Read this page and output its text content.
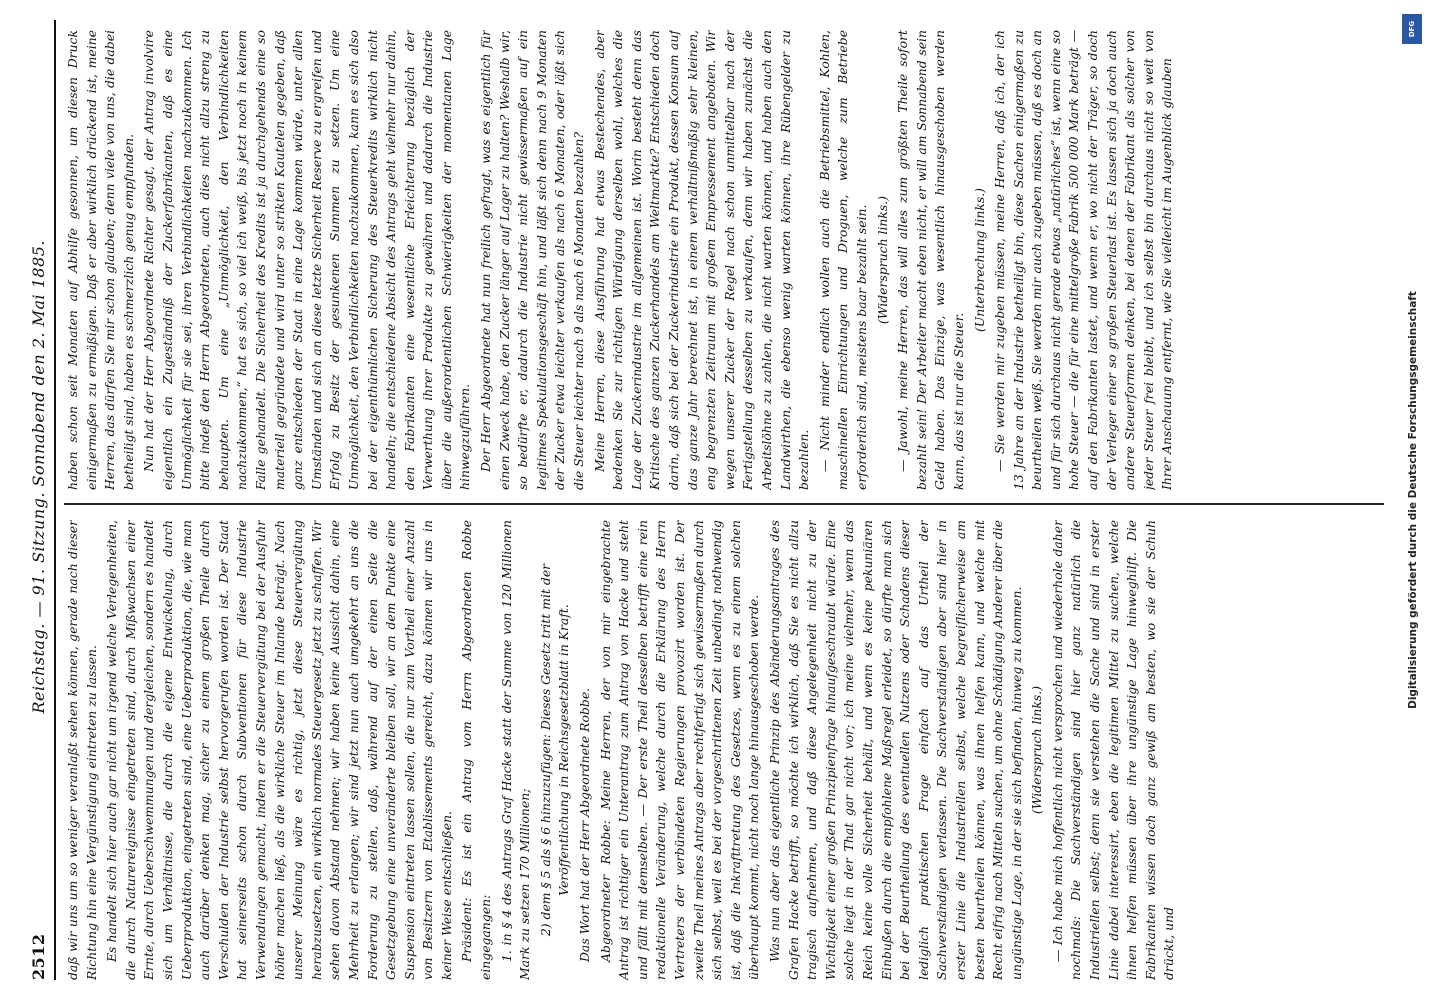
2512
Reichstag. — 91. Sitzung. Sonnabend den 2. Mai 1885.

daß wir uns um so weniger veranlaßt sehen können, gerade nach dieser Richtung hin eine Vergünstigung eintreten zu lassen. Es handelt sich hier auch gar nicht um irgend welche Verlegenheiten, die durch Naturereignisse eingetreten sind, durch Mißwachsen einer Ernte, durch Ueberschwemmungen und dergleichen, sondern es handelt sich um Verhältnisse, die durch die eigene Entwickelung, durch Ueberproduktion, eingetreten sind, eine Ueberproduktion, die, wie man auch darüber denken mag, sicher zu einem großen Theile durch Verschulden der Industrie selbst hervorgerufen worden ist. Der Staat hat seinerseits schon durch Subventionen für diese Industrie Verwendungen gemacht, indem er die Steuervergütung bei der Ausfuhr höher machen ließ, als die wirkliche Steuer im Inlande beträgt. Nach unserer Meinung wäre es richtig, jetzt diese Steuervergütung herabzusetzen, ein wirklich normales Steuergesetz jetzt zu schaffen. Wir sehen davon Abstand nehmen; wir haben keine Aussicht dahin, eine Mehrheit zu erlangen; wir sind jetzt nun auch umgekehrt an uns die Forderung zu stellen, daß, während auf der einen Seite die Gesetzgebung eine unveränderte bleiben soll, wir an dem Punkte eine Suspension eintreten lassen sollen, die nur zum Vortheil einer Anzahl von Besitzern von Etablissements gereicht, dazu können wir uns in keiner Weise entschließen. Präsident: Es ist ein Antrag vom Herrn Abgeordneten Robbe eingegangen: 1. in § 4 des Antrags Graf Hacke statt der Summe von 120 Millionen Mark zu setzen 170 Millionen; 2) dem § 5 als § 6 hinzuzufügen: Dieses Gesetz tritt mit der Veröffentlichung in Reichsgesetzblatt in Kraft. Das Wort hat der Herr Abgeordnete Robbe. Abgeordneter Robbe: Meine Herren, der von mir eingebrachte Antrag ist richtiger ein Unterantrag zum Antrag von Hacke und steht und fällt mit demselben. — Der erste Theil desselben betrifft eine rein redaktionelle Veränderung, welche durch die Erklärung des Herrn Vertreters der verbündeten Regierungen provozirt worden ist. Der zweite Theil meines Antrags aber rechtfertigt sich gewissermaßen durch sich selbst, weil es bei der vorgeschrittenen Zeit unbedingt nothwendig ist, daß die Inkrafttretung des Gesetzes, wenn es zu einem solchen überhaupt kommt, nicht noch lange hinausgeschoben werde. Was nun aber das eigentliche Prinzip des Abänderungsantrages des Grafen Hacke betrifft, so möchte ich wirklich, daß Sie es nicht allzu tragisch aufnehmen, und daß diese Angelegenheit nicht zu der Wichtigkeit einer großen Prinzipienfrage hinaufgeschraubt würde. Eine solche liegt in der That gar nicht vor; ich meine vielmehr, wenn das Reich keine volle Sicherheit behält, und wenn es keine pekuniären Einbußen durch die empfohlene Maßregel erleidet, so dürfte man sich bei der Beurtheilung des eventuellen Nutzens oder Schadens dieser lediglich praktischen Frage einfach auf das Urtheil der Sachverständigen verlassen. Die Sachverständigen aber sind hier in erster Linie die Industriellen selbst, welche begreiflicherweise am besten beurtheilen können, was ihnen helfen kann, und welche mit Recht eifrig nach Mitteln suchen, um ohne Schädigung Anderer über die ungünstige Lage, in der sie sich befinden, hinweg zu kommen. (Widerspruch links.) — Ich habe mich hoffentlich nicht versprochen und wiederhole daher nochmals: Die Sachverständigen sind hier ganz natürlich die Industriellen selbst; denn sie verstehen die Sache und sind in erster Linie dabei interessirt, eben die legitimen Mittel zu suchen, welche ihnen helfen müssen über ihre ungünstige Lage hinweghilft. Die Fabrikanten wissen doch ganz gewiß am besten, wo sie der Schuh drückt, und

haben schon seit Monaten auf Abhilfe gesonnen, um diesen Druck einigermaßen zu ermäßigen. Daß er aber wirklich drückend ist, meine Herren, das dürfen Sie mir schon glauben; denn viele von uns, die dabei betheiligt sind, haben es schmerzlich genug empfunden. Nun hat der Herr Abgeordnete Richter gesagt, der Antrag involvire eigentlich ein Zugeständniß der Zuckerfabrikanten, daß es eine Unmöglichkeit für sie sei, ihren Verbindlichkeiten nachzukommen. Ich bitte indeß den Herrn Abgeordneten, auch dies nicht allzu streng zu behaupten. Um eine „Unmöglichkeit, den Verbindlichkeiten nachzukommen,“ hat es sich, so viel ich weiß, bis jetzt noch in keinem Falle gehandelt. Die Sicherheit des Kredits ist ja durchgehends eine so materiell gegründete und wird unter so strikten Kautelen gegeben, daß ganz entschieden der Staat in eine Lage kommen würde, unter allen Umständen und sich an diese letzte Sicherheit Reserve zu ergreifen und Erfolg zu Besitz der gesunkenen Summen zu setzen. Um eine Unmöglichkeit, den Verbindlichkeiten nachzukommen, kann es sich also bei der eigenthümlichen Sicherung des Steuerkredits wirklich nicht handeln; die entschiedene Absicht des Antrags geht vielmehr nur dahin, den Fabrikanten eine wesentliche Erleichterung bezüglich der Verwerthung ihrer Produkte zu gewähren und dadurch die Industrie über die außerordentlichen Schwierigkeiten der momentanen Lage hinwegzuführen. Der Herr Abgeordnete hat nun freilich gefragt, was es eigentlich für einen Zweck habe, den Zucker länger auf Lager zu halten? Weshalb wir, so bedürfte er, dadurch die Industrie nicht gewissermaßen auf ein legitimes Spekulationsgeschäft hin, und läßt sich denn nach 9 Monaten der Zucker etwa leichter verkaufen als nach 6 Monaten, oder läßt sich die Steuer leichter nach 9 als nach 6 Monaten bezahlen? Meine Herren, diese Ausführung hat etwas Bestechendes, aber bedenken Sie zur richtigen Würdigung derselben wohl, welches die Lage der Zuckerindustrie im allgemeinen ist. Worin besteht denn das Kritische des ganzen Zuckerhandels am Weltmarkte? Entschieden doch darin, daß sich bei der Zuckerindustrie ein Produkt, dessen Konsum auf das ganze Jahr berechnet ist, in einem verhältnißmäßig sehr kleinen, eng begrenzten Zeitraum mit großem Empressement angeboten. Wir wegen unserer Zucker der Regel nach schon unmittelbar nach der Fertigstellung desselben zu verkaufen, denn wir haben zunächst die Arbeitslöhne zu zahlen, die nicht warten können, und haben auch den Landwirthen, die ebenso wenig warten können, ihre Rübengelder zu bezahlen. — Nicht minder endlich wollen auch die Betriebsmittel, Kohlen, maschinellen Einrichtungen und Droguen, welche zum Betriebe erforderlich sind, meistens baar bezahlt sein. (Widerspruch links.) — Jawohl, meine Herren, das will alles zum größten Theile sofort bezahlt sein! Der Arbeiter macht eben nicht, er will am Sonnabend sein Geld haben. Das Einzige, was wesentlich hinausgeschoben werden kann, das ist nur die Steuer.

(Unterbrechung links.) — Sie werden mir zugeben müssen, meine Herren, daß ich, der ich 13 Jahre an der Industrie betheiligt bin, diese Sachen einigermaßen zu beurtheilen weiß. Sie werden mir auch zugeben müssen, daß es doch an und für sich durchaus nicht gerade etwas „natürliches“ ist, wenn eine so hohe Steuer — die für eine mittelgroße Fabrik 500 000 Mark beträgt — auf den Fabrikanten lastet, und wenn er, wo nicht der Träger, so doch der Verleger einer so großen Steuerlast ist. Es lassen sich ja doch auch andere Steuerformen denken, bei denen der Fabrikant als solcher von jeder Steuer frei bleibt, und ich selbst bin durchaus nicht so weit von Ihrer Anschauung entfernt, wie Sie vielleicht im Augenblick glauben

DFG
Digitalisierung gefördert durch die Deutsche Forschungsgemeinschaft
